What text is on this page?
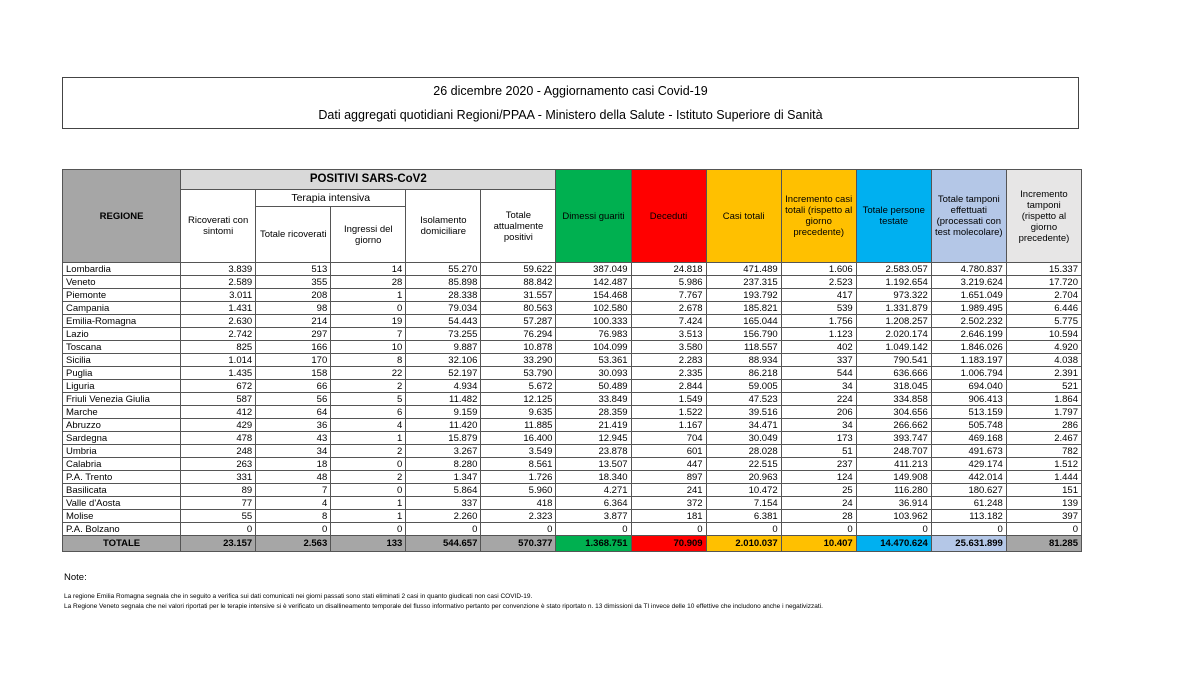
26 dicembre 2020 - Aggiornamento casi Covid-19
Dati aggregati quotidiani Regioni/PPAA - Ministero della Salute - Istituto Superiore di Sanità
REGIONE	POSITIVI SARS-CoV2					Dimessi guariti	Deceduti	Casi totali	Incremento casi totali (rispetto al giorno precedente)	Totale persone testate	Totale tamponi effettuati (processati con test molecolare)	Incremento tamponi (rispetto al giorno precedente)
	Ricoverati con sintomi	Terapia intensiva		Isolamento domiciliare	Totale attualmente positivi							
		Totale ricoverati	Ingressi del giorno									
Lombardia	3.839	513	14	55.270	59.622	387.049	24.818	471.489	1.606	2.583.057	4.780.837	15.337
Veneto	2.589	355	28	85.898	88.842	142.487	5.986	237.315	2.523	1.192.654	3.219.624	17.720
Piemonte	3.011	208	1	28.338	31.557	154.468	7.767	193.792	417	973.322	1.651.049	2.704
Campania	1.431	98	0	79.034	80.563	102.580	2.678	185.821	539	1.331.879	1.989.495	6.446
Emilia-Romagna	2.630	214	19	54.443	57.287	100.333	7.424	165.044	1.756	1.208.257	2.502.232	5.775
Lazio	2.742	297	7	73.255	76.294	76.983	3.513	156.790	1.123	2.020.174	2.646.199	10.594
Toscana	825	166	10	9.887	10.878	104.099	3.580	118.557	402	1.049.142	1.846.026	4.920
Sicilia	1.014	170	8	32.106	33.290	53.361	2.283	88.934	337	790.541	1.183.197	4.038
Puglia	1.435	158	22	52.197	53.790	30.093	2.335	86.218	544	636.666	1.006.794	2.391
Liguria	672	66	2	4.934	5.672	50.489	2.844	59.005	34	318.045	694.040	521
Friuli Venezia Giulia	587	56	5	11.482	12.125	33.849	1.549	47.523	224	334.858	906.413	1.864
Marche	412	64	6	9.159	9.635	28.359	1.522	39.516	206	304.656	513.159	1.797
Abruzzo	429	36	4	11.420	11.885	21.419	1.167	34.471	34	266.662	505.748	286
Sardegna	478	43	1	15.879	16.400	12.945	704	30.049	173	393.747	469.168	2.467
Umbria	248	34	2	3.267	3.549	23.878	601	28.028	51	248.707	491.673	782
Calabria	263	18	0	8.280	8.561	13.507	447	22.515	237	411.213	429.174	1.512
P.A. Trento	331	48	2	1.347	1.726	18.340	897	20.963	124	149.908	442.014	1.444
Basilicata	89	7	0	5.864	5.960	4.271	241	10.472	25	116.280	180.627	151
Valle d'Aosta	77	4	1	337	418	6.364	372	7.154	24	36.914	61.248	139
Molise	55	8	1	2.260	2.323	3.877	181	6.381	28	103.962	113.182	397
P.A. Bolzano	0	0	0	0	0	0	0	0	0	0	0	0
TOTALE	23.157	2.563	133	544.657	570.377	1.368.751	70.909	2.010.037	10.407	14.470.624	25.631.899	81.285
Note:
La regione Emilia Romagna segnala che in seguito a verifica sui dati comunicati nei giorni passati sono stati eliminati 2 casi in quanto giudicati non casi COVID-19.
La Regione Veneto segnala che nei valori riportati per le terapie intensive si è verificato un disallineamento temporale del flusso informativo pertanto per convenzione è stato riportato n. 13 dimissioni da TI invece delle 10 effettive che includono anche i negativizzati.
